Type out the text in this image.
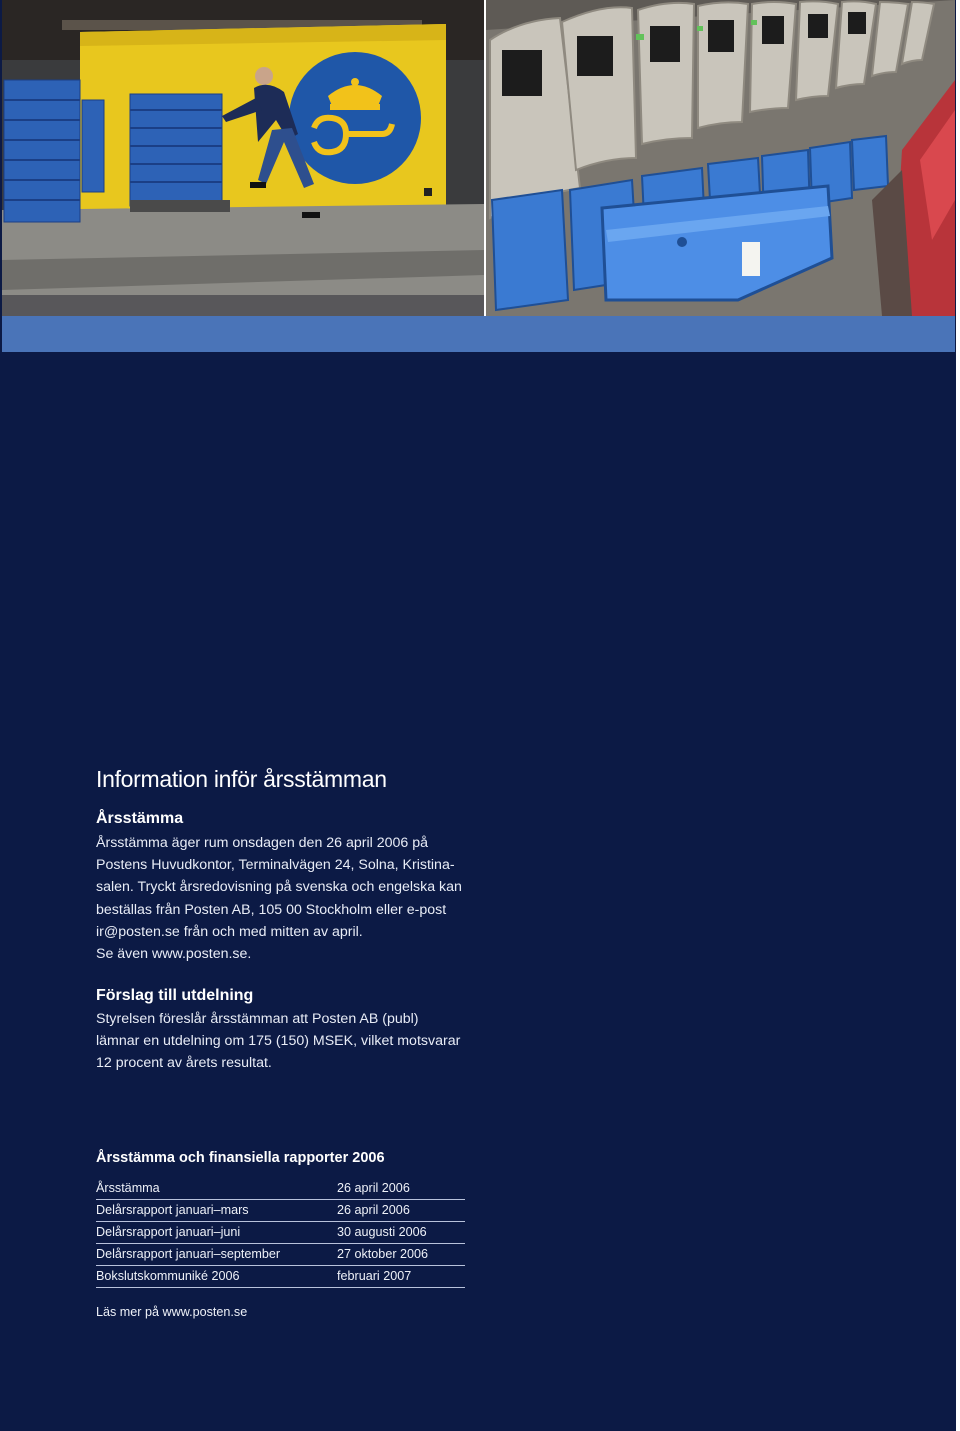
Information inför årsstämman
Årsstämma
Årsstämma äger rum onsdagen den 26 april 2006 på
Postens Huvudkontor, Terminalvägen 24, Solna, Kristina-
salen. Tryckt årsredovisning på svenska och engelska kan
beställas från Posten AB, 105 00 Stockholm eller e-post
ir@posten.se från och med mitten av april.
Se även www.posten.se.
Förslag till utdelning
Styrelsen föreslår årsstämman att Posten AB (publ)
lämnar en utdelning om 175 (150) MSEK, vilket motsvarar
12 procent av årets resultat.
Årsstämma och finansiella rapporter 2006
Årsstämma	26 april 2006
Delårsrapport januari–mars	26 april 2006
Delårsrapport januari–juni	30 augusti 2006
Delårsrapport januari–september	27 oktober 2006
Bokslutskommuniké 2006	februari 2007
Läs mer på www.posten.se
